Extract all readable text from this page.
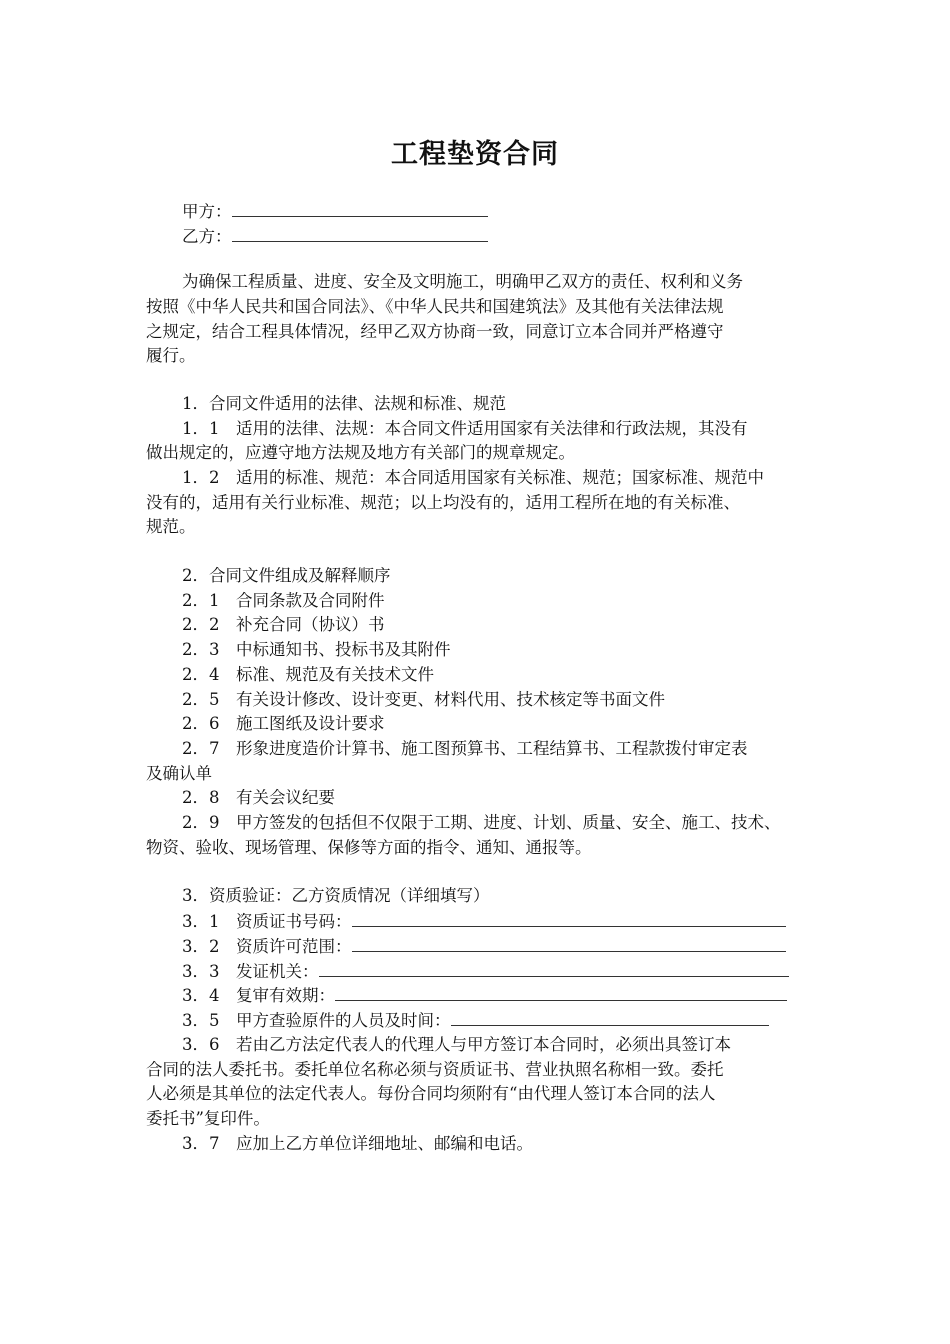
工程垫资合同
甲方：
乙方：
为确保工程质量、进度、安全及文明施工，明确甲乙双方的责任、权利和义务
按照《中华人民共和国合同法》、《中华人民共和国建筑法》及其他有关法律法规
之规定，结合工程具体情况，经甲乙双方协商一致，同意订立本合同并严格遵守
履行。
1．合同文件适用的法律、法规和标准、规范
1．1　适用的法律、法规：本合同文件适用国家有关法律和行政法规，其没有
做出规定的，应遵守地方法规及地方有关部门的规章规定。
1．2　适用的标准、规范：本合同适用国家有关标准、规范；国家标准、规范中
没有的，适用有关行业标准、规范；以上均没有的，适用工程所在地的有关标准、
规范。
2．合同文件组成及解释顺序
2．1　合同条款及合同附件
2．2　补充合同（协议）书
2．3　中标通知书、投标书及其附件
2．4　标准、规范及有关技术文件
2．5　有关设计修改、设计变更、材料代用、技术核定等书面文件
2．6　施工图纸及设计要求
2．7　形象进度造价计算书、施工图预算书、工程结算书、工程款拨付审定表
及确认单
2．8　有关会议纪要
2．9　甲方签发的包括但不仅限于工期、进度、计划、质量、安全、施工、技术、
物资、验收、现场管理、保修等方面的指令、通知、通报等。
3．资质验证：乙方资质情况（详细填写）
3．1　资质证书号码：
3．2　资质许可范围：
3．3　发证机关：
3．4　复审有效期：
3．5　甲方查验原件的人员及时间：
3．6　若由乙方法定代表人的代理人与甲方签订本合同时，必须出具签订本
合同的法人委托书。委托单位名称必须与资质证书、营业执照名称相一致。委托
人必须是其单位的法定代表人。每份合同均须附有“由代理人签订本合同的法人
委托书”复印件。
3．7　应加上乙方单位详细地址、邮编和电话。
